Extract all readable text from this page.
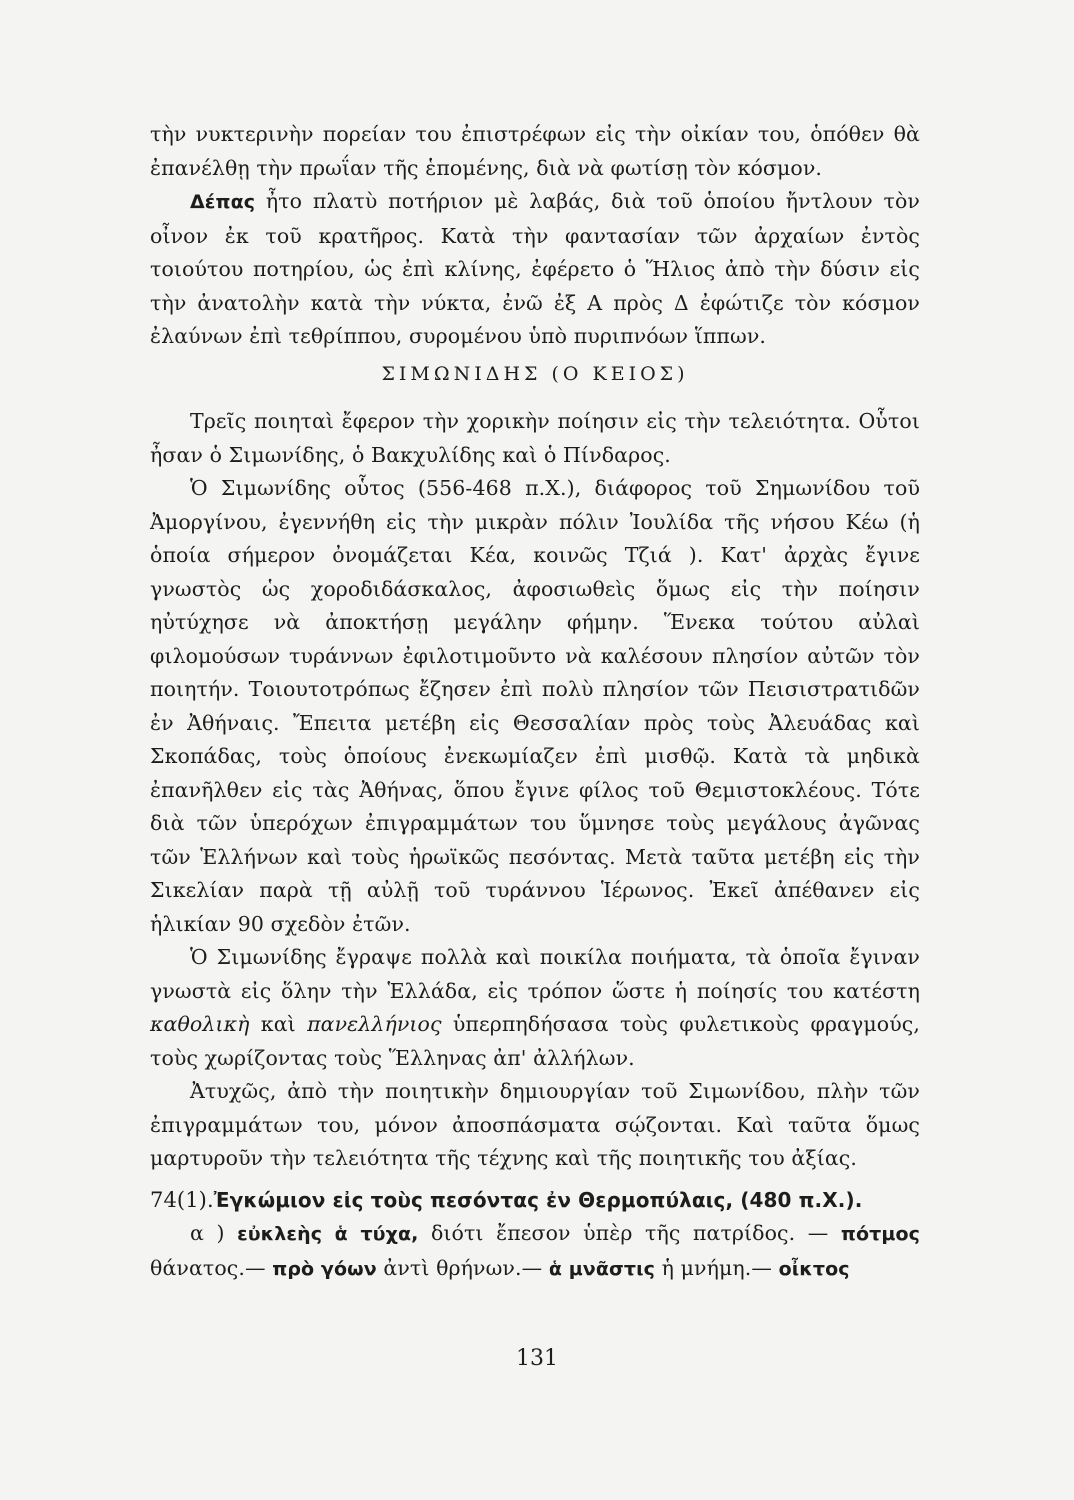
τὴν νυκτερινὴν πορείαν του ἐπιστρέφων εἰς τὴν οἰκίαν του, ὁπόθεν θὰ ἐπανέλθῃ τὴν πρωΐαν τῆς ἑπομένης, διὰ νὰ φωτίσῃ τὸν κόσμον.

Δέπας ἦτο πλατὺ ποτήριον μὲ λαβάς, διὰ τοῦ ὁποίου ἤντλουν τὸν οἶνον ἐκ τοῦ κρατῆρος. Κατὰ τὴν φαντασίαν τῶν ἀρχαίων ἐντὸς τοιούτου ποτηρίου, ὡς ἐπὶ κλίνης, ἐφέρετο ὁ Ἥλιος ἀπὸ τὴν δύσιν εἰς τὴν ἀνατολὴν κατὰ τὴν νύκτα, ἐνῶ ἐξ Α πρὸς Δ ἐφώτιζε τὸν κόσμον ἐλαύνων ἐπὶ τεθρίππου, συρομένου ὑπὸ πυριπνόων ἵππων.

ΣΙΜΩΝΙΔΗΣ (Ο ΚΕΙΟΣ)

Τρεῖς ποιηταὶ ἔφερον τὴν χορικὴν ποίησιν εἰς τὴν τελειότητα. Οὗτοι ἦσαν ὁ Σιμωνίδης, ὁ Βακχυλίδης καὶ ὁ Πίνδαρος.

Ὁ Σιμωνίδης οὗτος (556-468 π.Χ.), διάφορος τοῦ Σημωνίδου τοῦ Ἀμοργίνου, ἐγεννήθη εἰς τὴν μικρὰν πόλιν Ἰουλίδα τῆς νήσου Κέω (ἡ ὁποία σήμερον ὀνομάζεται Κέα, κοινῶς Τζιά ). Κατ' ἀρχὰς ἔγινε γνωστὸς ὡς χοροδιδάσκαλος, ἀφοσιωθεὶς ὅμως εἰς τὴν ποίησιν ηὐτύχησε νὰ ἀποκτήσῃ μεγάλην φήμην. Ἕνεκα τούτου αὐλαὶ φιλομούσων τυράννων ἐφιλοτιμοῦντο νὰ καλέσουν πλησίον αὐτῶν τὸν ποιητήν. Τοιουτοτρόπως ἔζησεν ἐπὶ πολὺ πλησίον τῶν Πεισιστρατιδῶν ἐν Ἀθήναις. Ἔπειτα μετέβη εἰς Θεσσαλίαν πρὸς τοὺς Ἀλευάδας καὶ Σκοπάδας, τοὺς ὁποίους ἐνεκωμίαζεν ἐπὶ μισθῷ. Κατὰ τὰ μηδικὰ ἐπανῆλθεν εἰς τὰς Ἀθήνας, ὅπου ἔγινε φίλος τοῦ Θεμιστοκλέους. Τότε διὰ τῶν ὑπερόχων ἐπιγραμμάτων του ὕμνησε τοὺς μεγάλους ἀγῶνας τῶν Ἑλλήνων καὶ τοὺς ἡρωϊκῶς πεσόντας. Μετὰ ταῦτα μετέβη εἰς τὴν Σικελίαν παρὰ τῇ αὐλῇ τοῦ τυράννου Ἱέρωνος. Ἐκεῖ ἀπέθανεν εἰς ἡλικίαν 90 σχεδὸν ἐτῶν.

Ὁ Σιμωνίδης ἔγραψε πολλὰ καὶ ποικίλα ποιήματα, τὰ ὁποῖα ἔγιναν γνωστὰ εἰς ὅλην τὴν Ἑλλάδα, εἰς τρόπον ὥστε ἡ ποίησίς του κατέστη καθολικὴ καὶ πανελλήνιος ὑπερπηδήσασα τοὺς φυλετικοὺς φραγμούς, τοὺς χωρίζοντας τοὺς Ἕλληνας ἀπ' ἀλλήλων.

Ἀτυχῶς, ἀπὸ τὴν ποιητικὴν δημιουργίαν τοῦ Σιμωνίδου, πλὴν τῶν ἐπιγραμμάτων του, μόνον ἀποσπάσματα σῴζονται. Καὶ ταῦτα ὅμως μαρτυροῦν τὴν τελειότητα τῆς τέχνης καὶ τῆς ποιητικῆς του ἀξίας.

74(1).Ἐγκώμιον εἰς τοὺς πεσόντας ἐν Θερμοπύλαις, (480 π.Χ.).

α ) εὐκλεὴς ἁ τύχα, διότι ἔπεσον ὑπὲρ τῆς πατρίδος. — πότμος θάνατος.— πρὸ γόων ἀντὶ θρήνων.— ἁ μνᾶστις ἡ μνήμη.— οἶκτος

131
